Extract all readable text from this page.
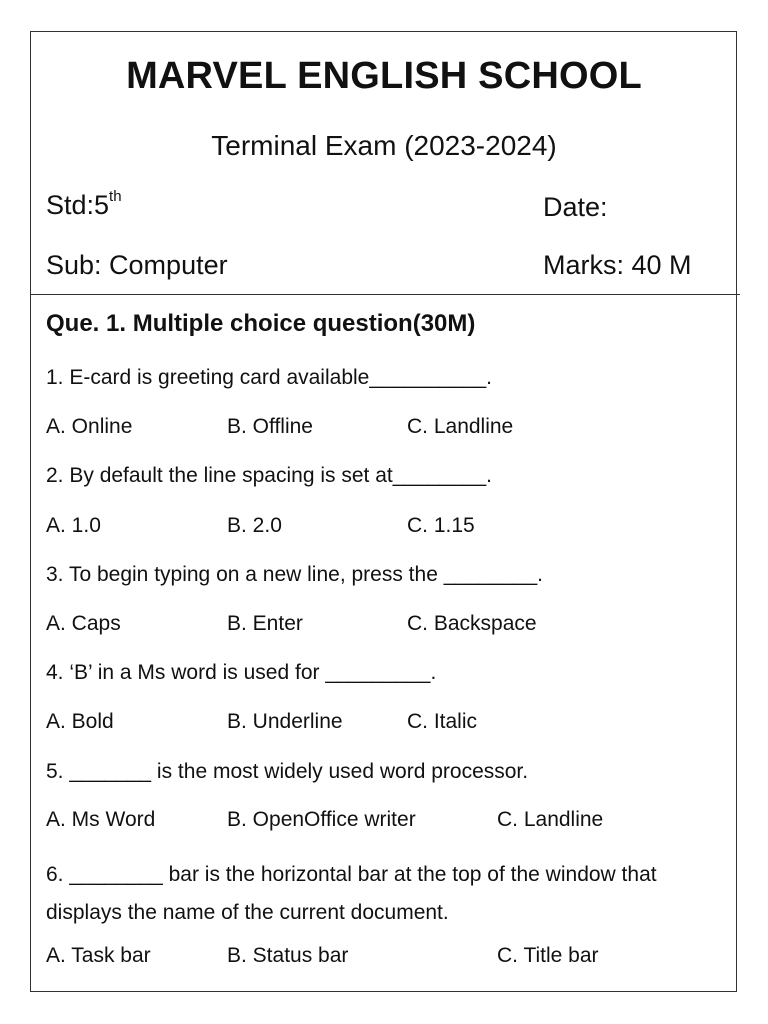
MARVEL ENGLISH SCHOOL
Terminal Exam (2023-2024)
Std:5th	Date:
Sub: Computer	Marks: 40 M
Que. 1. Multiple choice question(30M)
1. E-card is greeting card available__________.
A. Online	B. Offline	C. Landline
2. By default the line spacing is set at________.
A. 1.0	B. 2.0	C. 1.15
3. To begin typing on a new line, press the ________.
A. Caps	B. Enter	C. Backspace
4. ‘B’ in a Ms word is used for _________.
A. Bold	B. Underline	C. Italic
5. _______ is the most widely used word processor.
A. Ms Word	B. OpenOffice writer	C. Landline
6. ________ bar is the horizontal bar at the top of the window that displays the name of the current document.
A. Task bar	B. Status bar	C. Title bar
